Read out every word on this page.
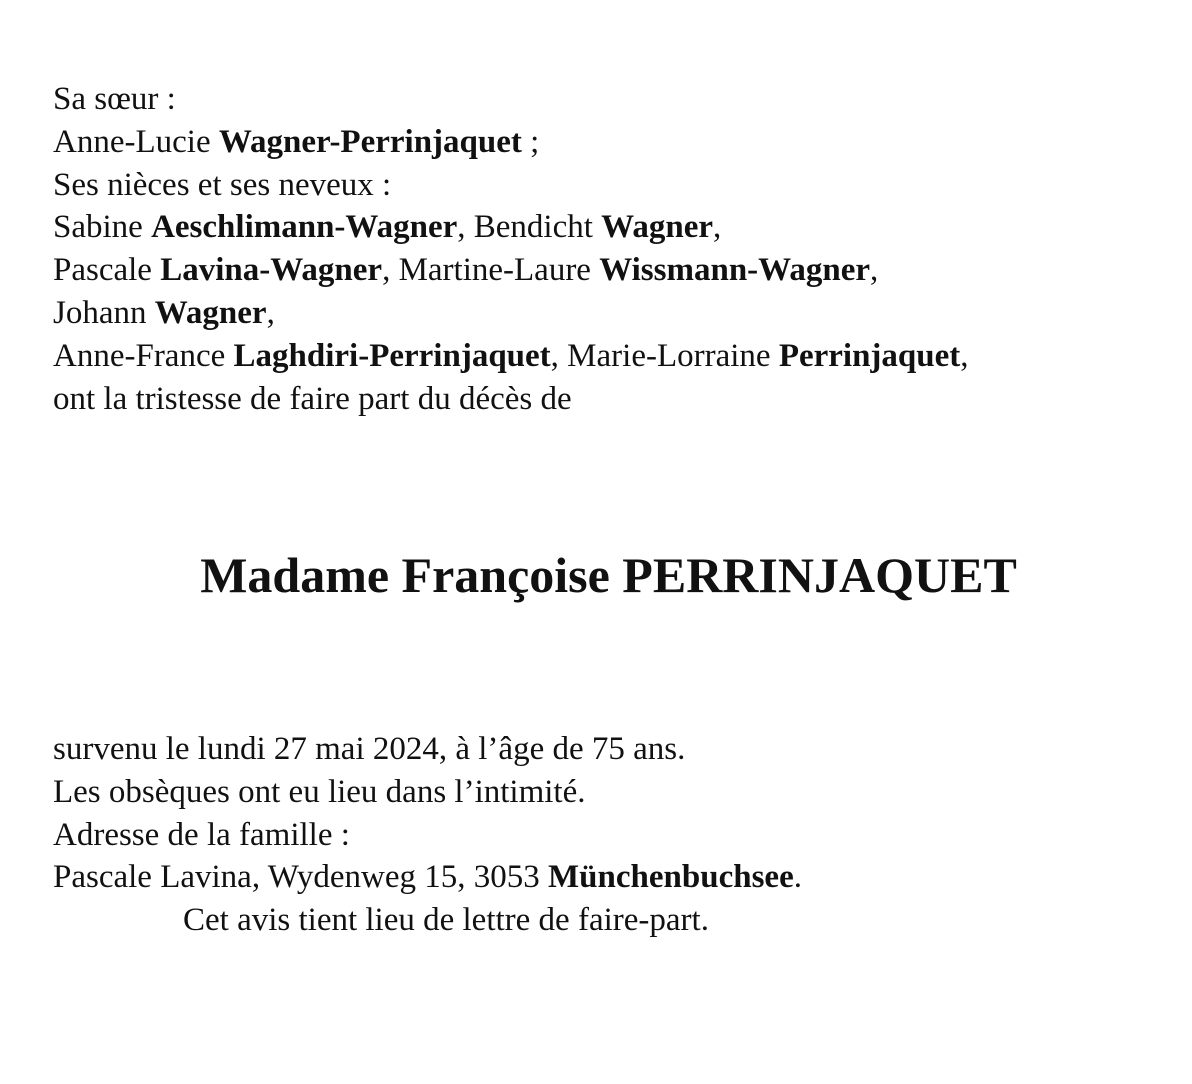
Sa sœur :
Anne-Lucie Wagner-Perrinjaquet ;
Ses nièces et ses neveux :
Sabine Aeschlimann-Wagner, Bendicht Wagner,
Pascale Lavina-Wagner, Martine-Laure Wissmann-Wagner,
Johann Wagner,
Anne-France Laghdiri-Perrinjaquet, Marie-Lorraine Perrinjaquet,
ont la tristesse de faire part du décès de
Madame Françoise PERRINJAQUET
survenu le lundi 27 mai 2024, à l’âge de 75 ans.
Les obsèques ont eu lieu dans l’intimité.
Adresse de la famille :
Pascale Lavina, Wydenweg 15, 3053 Münchenbuchsee.
Cet avis tient lieu de lettre de faire-part.
